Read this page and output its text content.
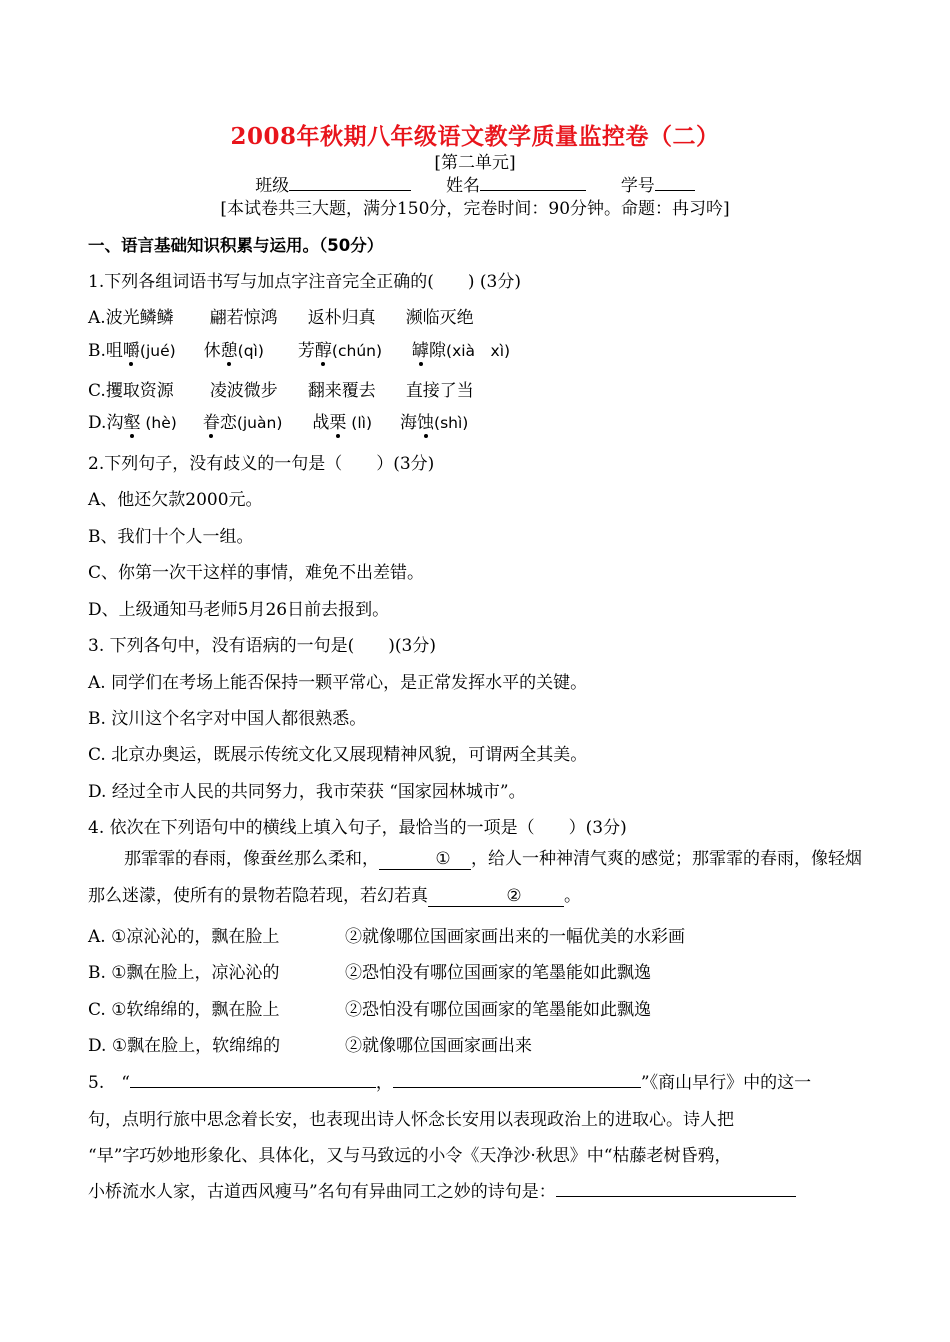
2008年秋期八年级语文教学质量监控卷（二）
[第二单元]
班级	姓名	学号
[本试卷共三大题，满分150分，完卷时间：90分钟。命题：冉习吟]
一、语言基础知识积累与运用。（50分）
1.下列各组词语书写与加点字注音完全正确的(　　) (3分)
A.波光鳞鳞 翩若惊鸿 返朴归真 濒临灭绝
B.咀嚼(jué) 休憩(qì) 芳醇(chún) 罅隙(xià　xì)
C.攫取资源 凌波微步 翻来覆去 直接了当
D.沟壑 (hè) 眷恋(juàn) 战栗 (lì) 海蚀(shì)
2.下列句子，没有歧义的一句是（　　）(3分)
A、他还欠款2000元。
B、我们十个人一组。
C、你第一次干这样的事情，难免不出差错。
D、上级通知马老师5月26日前去报到。
3. 下列各句中，没有语病的一句是(　　)(3分)
A. 同学们在考场上能否保持一颗平常心，是正常发挥水平的关键。
B. 汶川这个名字对中国人都很熟悉。
C. 北京办奥运，既展示传统文化又展现精神风貌，可谓两全其美。
D. 经过全市人民的共同努力，我市荣获 “国家园林城市”。
4. 依次在下列语句中的横线上填入句子，最恰当的一项是（　　）(3分)
那霏霏的春雨，像蚕丝那么柔和，	① ，给人一种神清气爽的感觉；那霏霏的春雨，像轻烟那么迷濛，使所有的景物若隐若现，若幻若真	② 。
A. ①凉沁沁的，飘在脸上	②就像哪位国画家画出来的一幅优美的水彩画
B. ①飘在脸上，凉沁沁的	②恐怕没有哪位国画家的笔墨能如此飘逸
C. ①软绵绵的，飘在脸上	②恐怕没有哪位国画家的笔墨能如此飘逸
D. ①飘在脸上，软绵绵的	②就像哪位国画家画出来
5.　“	，	”《商山早行》中的这一
句，点明行旅中思念着长安，也表现出诗人怀念长安用以表现政治上的进取心。诗人把
“早”字巧妙地形象化、具体化，又与马致远的小令《天净沙·秋思》中“枯藤老树昏鸦，
小桥流水人家，古道西风瘦马”名句有异曲同工之妙的诗句是：
